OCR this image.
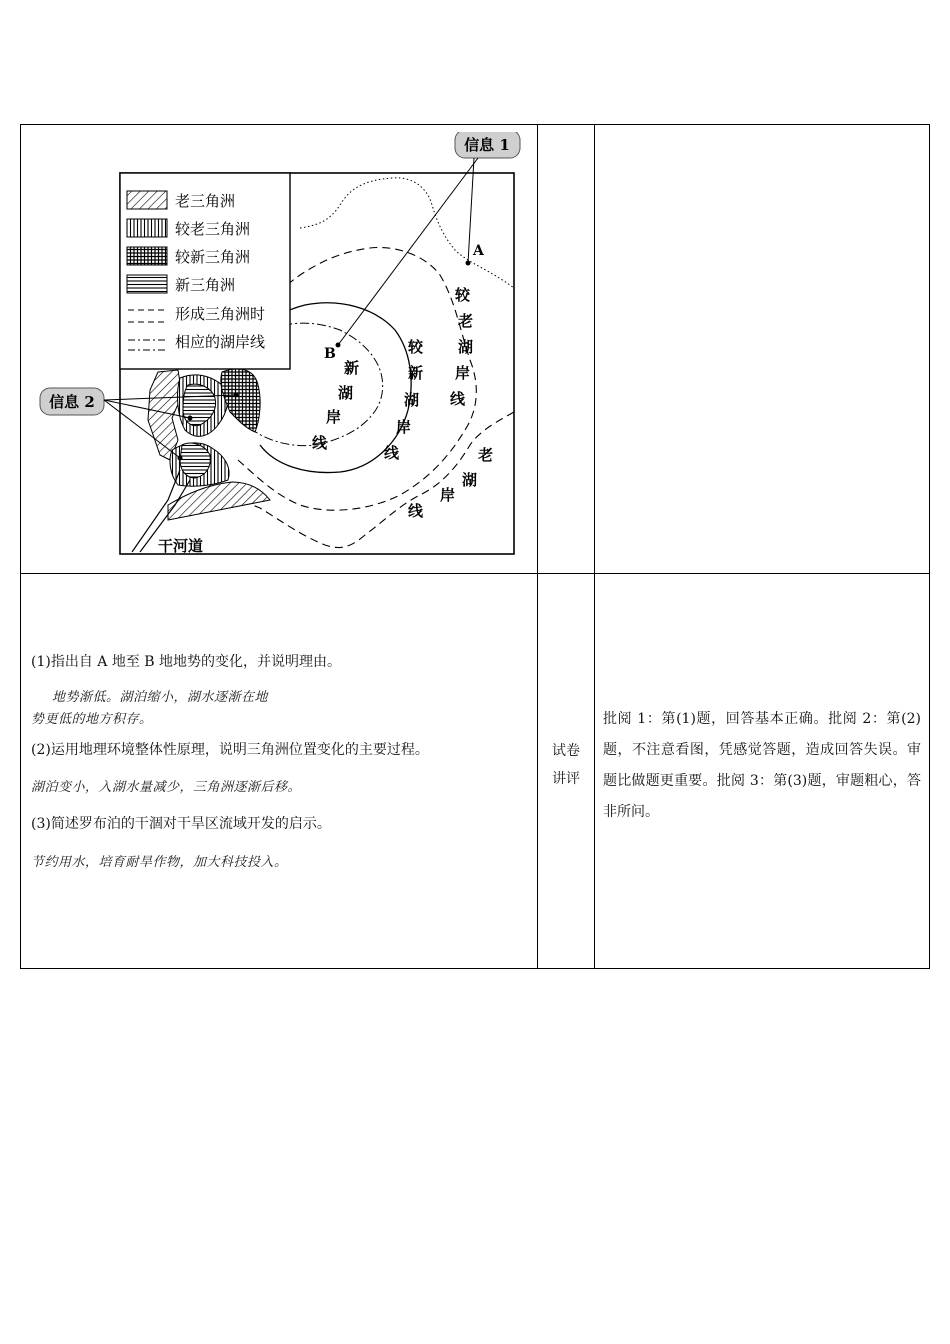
老三角洲
较老三角洲
较新三角洲
新三角洲
形成三角洲时
相应的湖岸线
信息 1
A
B
信息 2
新
湖
岸
线
较
新
湖
岸
线
较
老
湖
岸
线
老
湖
岸
线
干河道
(1)指出自 A 地至 B 地地势的变化，并说明理由。
地势渐低。湖泊缩小，湖水逐渐在地
势更低的地方积存。
(2)运用地理环境整体性原理，说明三角洲位置变化的主要过程。
湖泊变小，入湖水量减少，三角洲逐渐后移。
(3)简述罗布泊的干涸对干旱区流域开发的启示。
节约用水，培育耐旱作物，加大科技投入。
试卷
讲评
批阅 1：第(1)题，回答基本正确。批阅 2：第(2)题，不注意看图，凭感觉答题，造成回答失误。审题比做题更重要。批阅 3：第(3)题，审题粗心，答非所问。
